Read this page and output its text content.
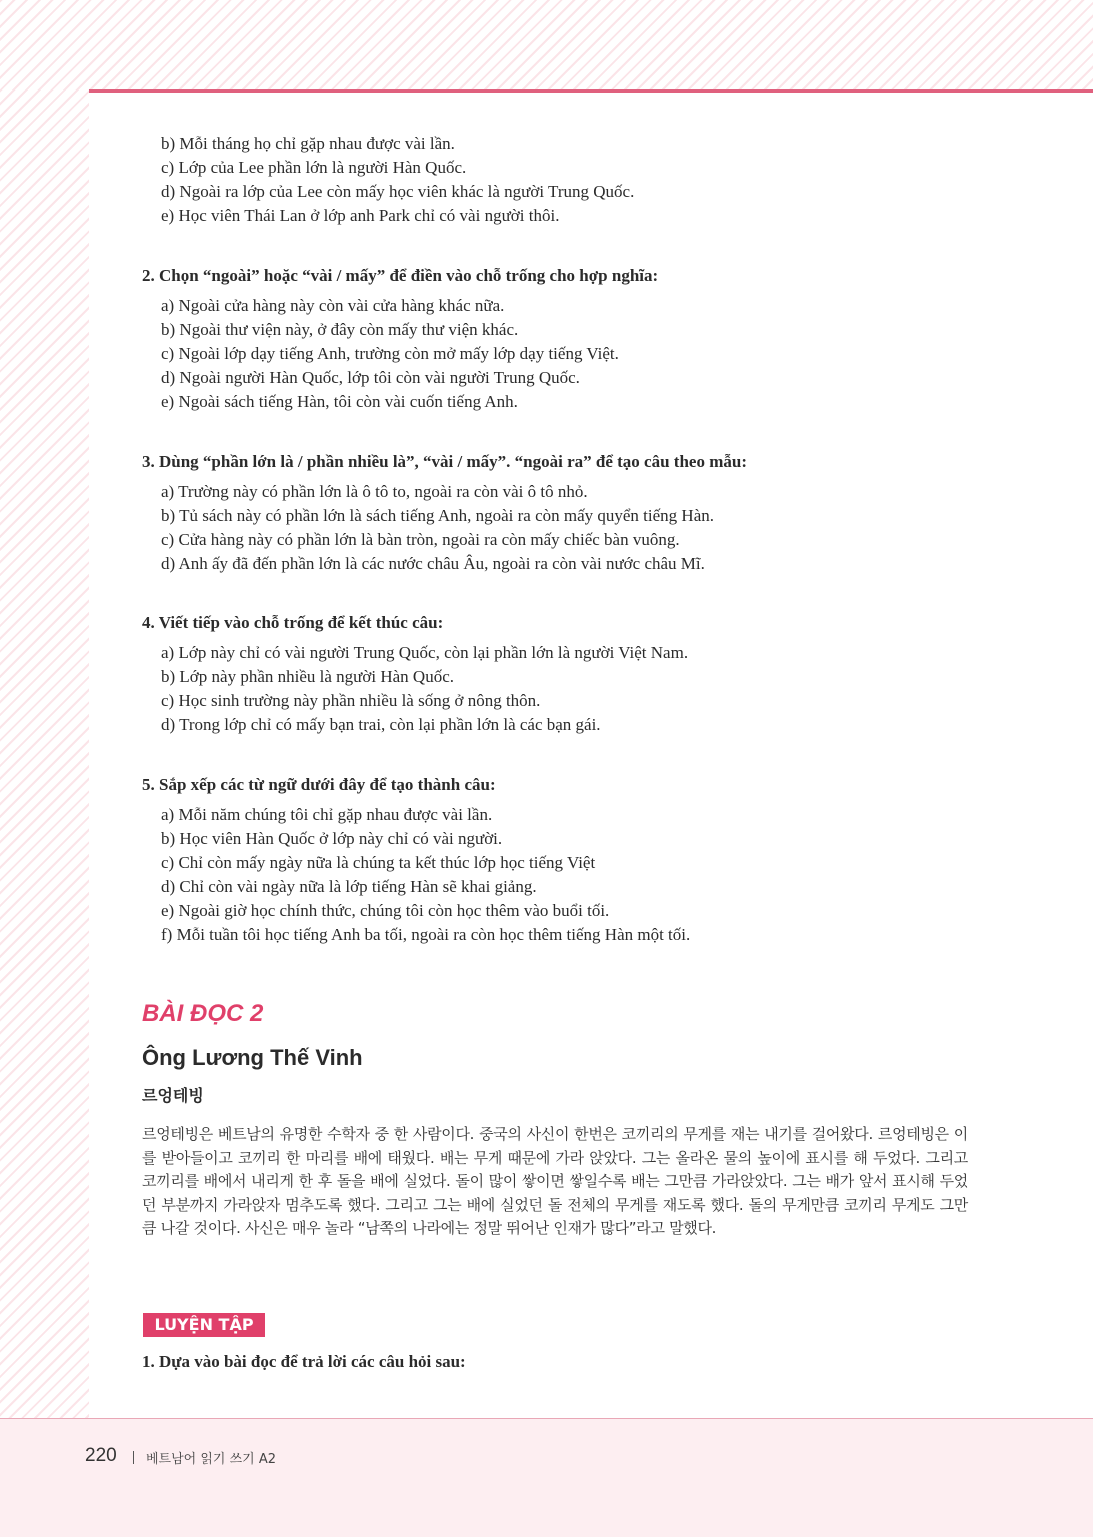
b) Mỗi tháng họ chỉ gặp nhau được vài lần.
c) Lớp của Lee phần lớn là người Hàn Quốc.
d) Ngoài ra lớp của Lee còn mấy học viên khác là người Trung Quốc.
e) Học viên Thái Lan ở lớp anh Park chỉ có vài người thôi.
2. Chọn “ngoài” hoặc “vài / mấy” để điền vào chỗ trống cho hợp nghĩa:
a) Ngoài cửa hàng này còn vài cửa hàng khác nữa.
b) Ngoài thư viện này, ở đây còn mấy thư viện khác.
c) Ngoài lớp dạy tiếng Anh, trường còn mở mấy lớp dạy tiếng Việt.
d) Ngoài người Hàn Quốc, lớp tôi còn vài người Trung Quốc.
e) Ngoài sách tiếng Hàn, tôi còn vài cuốn tiếng Anh.
3. Dùng “phần lớn là / phần nhiều là”, “vài / mấy”. “ngoài ra” để tạo câu theo mẫu:
a) Trường này có phần lớn là ô tô to, ngoài ra còn vài ô tô nhỏ.
b) Tủ sách này có phần lớn là sách tiếng Anh, ngoài ra còn mấy quyển tiếng Hàn.
c) Cửa hàng này có phần lớn là bàn tròn, ngoài ra còn mấy chiếc bàn vuông.
d) Anh ấy đã đến phần lớn là các nước châu Âu, ngoài ra còn vài nước châu Mĩ.
4. Viết tiếp vào chỗ trống để kết thúc câu:
a) Lớp này chỉ có vài người Trung Quốc, còn lại phần lớn là người Việt Nam.
b) Lớp này phần nhiều là người Hàn Quốc.
c) Học sinh trường này phần nhiều là sống ở nông thôn.
d) Trong lớp chỉ có mấy bạn trai, còn lại phần lớn là các bạn gái.
5. Sắp xếp các từ ngữ dưới đây để tạo thành câu:
a) Mỗi năm chúng tôi chỉ gặp nhau được vài lần.
b) Học viên Hàn Quốc ở lớp này chỉ có vài người.
c) Chỉ còn mấy ngày nữa là chúng ta kết thúc lớp học tiếng Việt
d) Chỉ còn vài ngày nữa là lớp tiếng Hàn sẽ khai giảng.
e) Ngoài giờ học chính thức, chúng tôi còn học thêm vào buổi tối.
f) Mỗi tuần tôi học tiếng Anh ba tối, ngoài ra còn học thêm tiếng Hàn một tối.
BÀI ĐỌC 2
Ông Lương Thế Vinh
르엉테빙
르엉테빙은 베트남의 유명한 수학자 중 한 사람이다. 중국의 사신이 한번은 코끼리의 무게를 재는 내기를 걸어왔다. 르엉테빙은 이를 받아들이고 코끼리 한 마리를 배에 태웠다. 배는 무게 때문에 가라 앉았다. 그는 올라온 물의 높이에 표시를 해 두었다. 그리고 코끼리를 배에서 내리게 한 후 돌을 배에 실었다. 돌이 많이 쌓이면 쌓일수록 배는 그만큼 가라앉았다. 그는 배가 앞서 표시해 두었던 부분까지 가라앉자 멈추도록 했다. 그리고 그는 배에 실었던 돌 전체의 무게를 재도록 했다. 돌의 무게만큼 코끼리 무게도 그만큼 나갈 것이다. 사신은 매우 놀라 “남쪽의 나라에는 정말 뛰어난 인재가 많다”라고 말했다.
LUYỆN TẬP
1. Dựa vào bài đọc để trả lời các câu hỏi sau:
220 베트남어 읽기 쓰기 A2
